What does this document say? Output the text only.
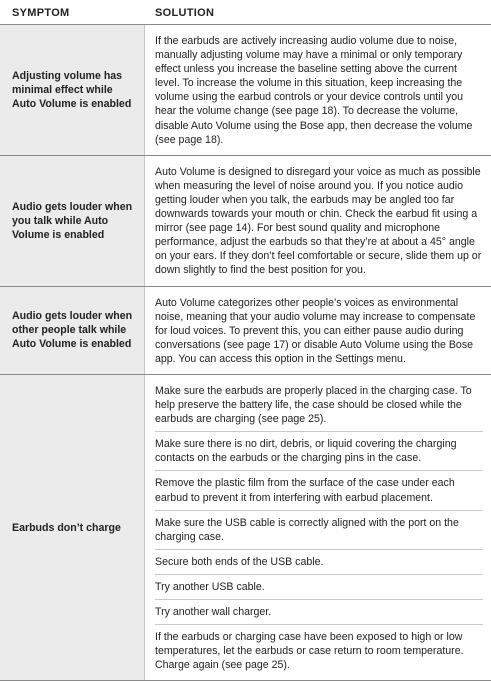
SYMPTOM	SOLUTION
Adjusting volume has minimal effect while Auto Volume is enabled

If the earbuds are actively increasing audio volume due to noise, manually adjusting volume may have a minimal or only temporary effect unless you increase the baseline setting above the current level. To increase the volume in this situation, keep increasing the volume using the earbud controls or your device controls until you hear the volume change (see page 18). To decrease the volume, disable Auto Volume using the Bose app, then decrease the volume (see page 18).

Audio gets louder when you talk while Auto Volume is enabled

Auto Volume is designed to disregard your voice as much as possible when measuring the level of noise around you. If you notice audio getting louder when you talk, the earbuds may be angled too far downwards towards your mouth or chin. Check the earbud fit using a mirror (see page 14). For best sound quality and microphone performance, adjust the earbuds so that they’re at about a 45° angle on your ears. If they don’t feel comfortable or secure, slide them up or down slightly to find the best position for you.

Audio gets louder when other people talk while Auto Volume is enabled

Auto Volume categorizes other people’s voices as environmental noise, meaning that your audio volume may increase to compensate for loud voices. To prevent this, you can either pause audio during conversations (see page 17) or disable Auto Volume using the Bose app. You can access this option in the Settings menu.

Earbuds don’t charge

Make sure the earbuds are properly placed in the charging case. To help preserve the battery life, the case should be closed while the earbuds are charging (see page 25).

Make sure there is no dirt, debris, or liquid covering the charging contacts on the earbuds or the charging pins in the case.

Remove the plastic film from the surface of the case under each earbud to prevent it from interfering with earbud placement.

Make sure the USB cable is correctly aligned with the port on the charging case.

Secure both ends of the USB cable.

Try another USB cable.

Try another wall charger.

If the earbuds or charging case have been exposed to high or low temperatures, let the earbuds or case return to room temperature. Charge again (see page 25).
